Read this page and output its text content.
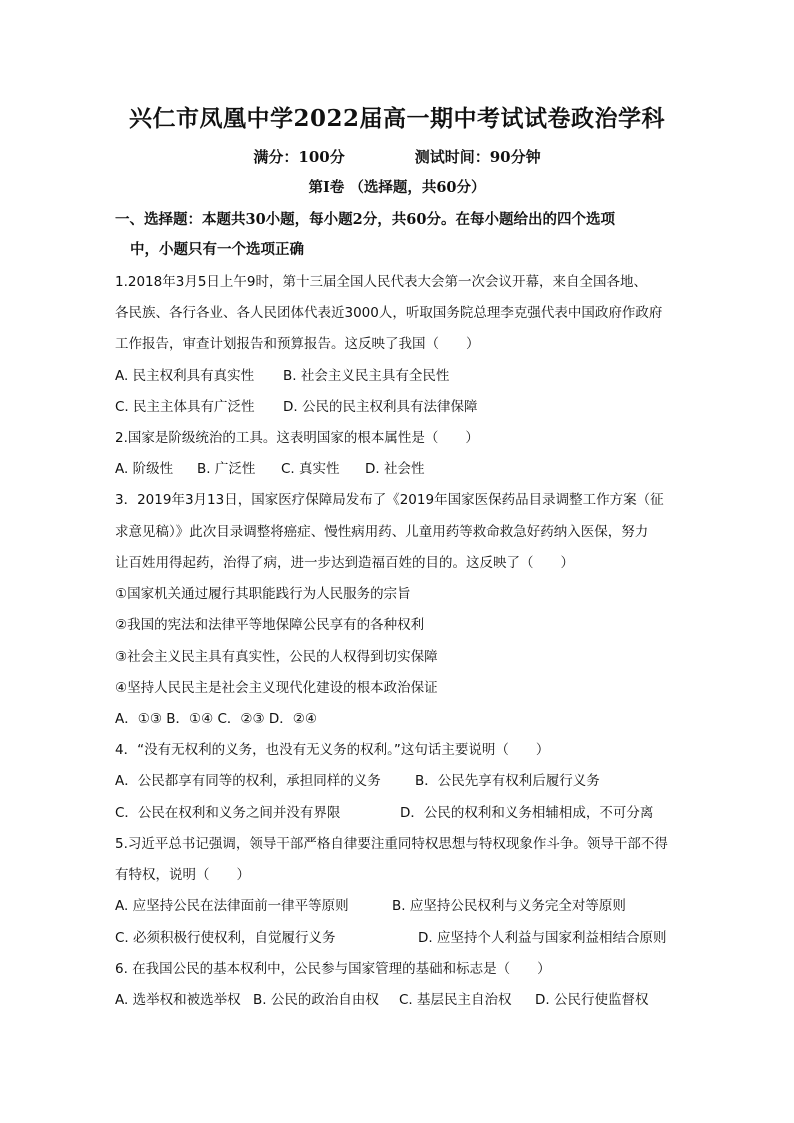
兴仁市凤凰中学2022届高一期中考试试卷政治学科
满分：100分	测试时间：90分钟
第Ⅰ卷 （选择题，共60分）
一、选择题：本题共30小题，每小题2分，共60分。在每小题给出的四个选项
中，小题只有一个选项正确
1.2018年3月5日上午9时，第十三届全国人民代表大会第一次会议开幕，来自全国各地、
各民族、各行各业、各人民团体代表近3000人，听取国务院总理李克强代表中国政府作政府
工作报告，审查计划报告和预算报告。这反映了我国（　　）
A. 民主权利具有真实性 B. 社会主义民主具有全民性
C. 民主主体具有广泛性 D. 公民的民主权利具有法律保障
2.国家是阶级统治的工具。这表明国家的根本属性是（　　）
A. 阶级性 B. 广泛性 C. 真实性 D. 社会性
3．2019年3月13日，国家医疗保障局发布了《2019年国家医保药品目录调整工作方案（征
求意见稿）》此次目录调整将癌症、慢性病用药、儿童用药等救命救急好药纳入医保，努力
让百姓用得起药，治得了病，进一步达到造福百姓的目的。这反映了（　　）
①国家机关通过履行其职能践行为人民服务的宗旨
②我国的宪法和法律平等地保障公民享有的各种权利
③社会主义民主具有真实性，公民的人权得到切实保障
④坚持人民民主是社会主义现代化建设的根本政治保证
A．①③ B．①④ C．②③ D．②④
4．“没有无权利的义务，也没有无义务的权利。”这句话主要说明（　　）
A．公民都享有同等的权利，承担同样的义务	B．公民先享有权利后履行义务
C．公民在权利和义务之间并没有界限	D．公民的权利和义务相辅相成，不可分离
5.习近平总书记强调，领导干部严格自律要注重同特权思想与特权现象作斗争。领导干部不得
有特权，说明（　　）
A. 应坚持公民在法律面前一律平等原则	B. 应坚持公民权利与义务完全对等原则
C. 必须积极行使权利，自觉履行义务	D. 应坚持个人利益与国家利益相结合原则
6. 在我国公民的基本权利中，公民参与国家管理的基础和标志是（　　）
A. 选举权和被选举权 B. 公民的政治自由权 C. 基层民主自治权 D. 公民行使监督权
